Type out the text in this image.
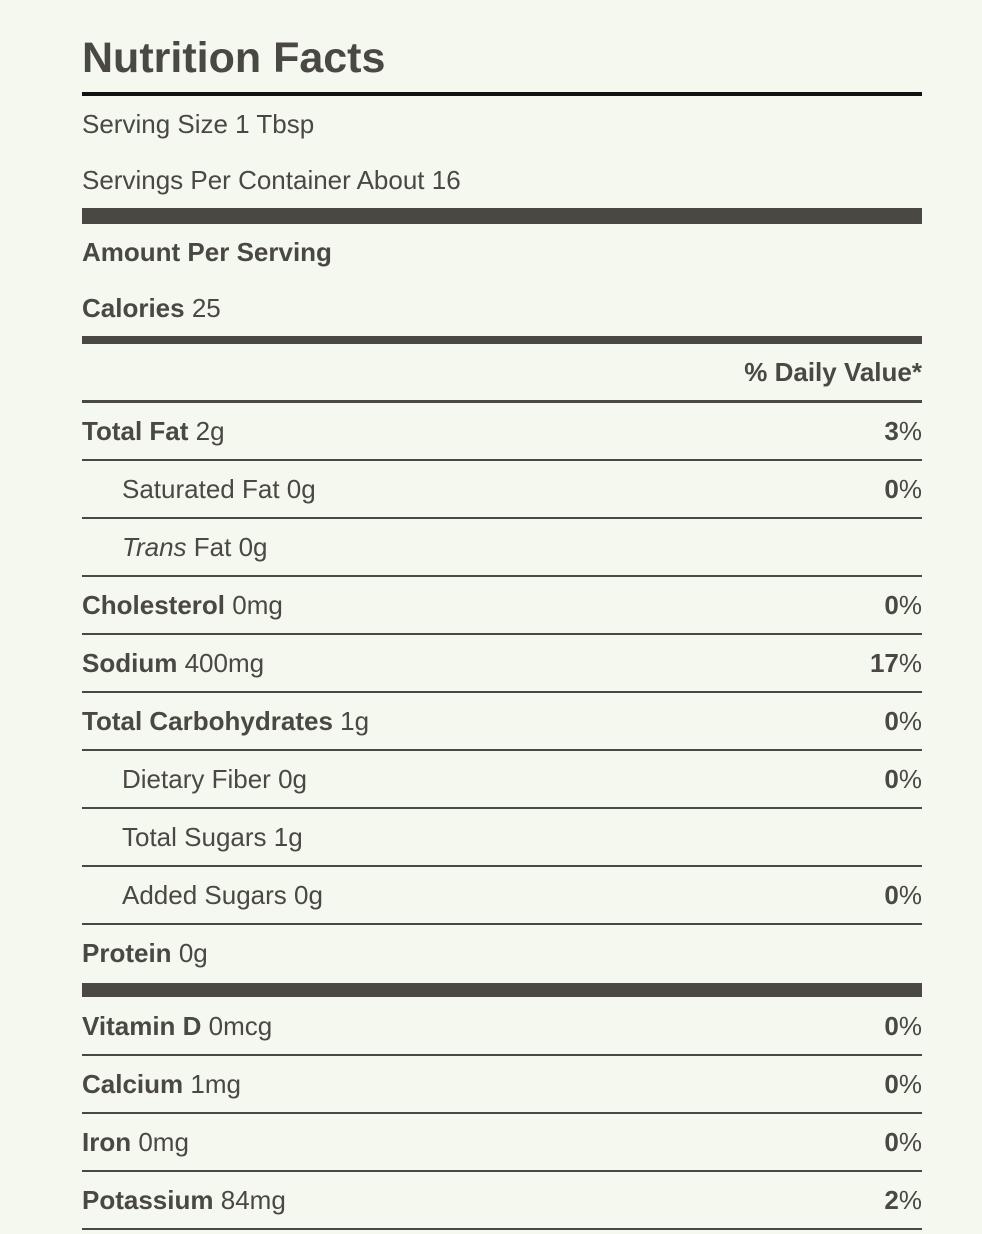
Nutrition Facts
Serving Size 1 Tbsp
Servings Per Container About 16
Amount Per Serving
Calories 25
% Daily Value*
Total Fat 2g	3%
Saturated Fat 0g	0%
Trans Fat 0g
Cholesterol 0mg	0%
Sodium 400mg	17%
Total Carbohydrates 1g	0%
Dietary Fiber 0g	0%
Total Sugars 1g
Added Sugars 0g	0%
Protein 0g
Vitamin D 0mcg	0%
Calcium 1mg	0%
Iron 0mg	0%
Potassium 84mg	2%
